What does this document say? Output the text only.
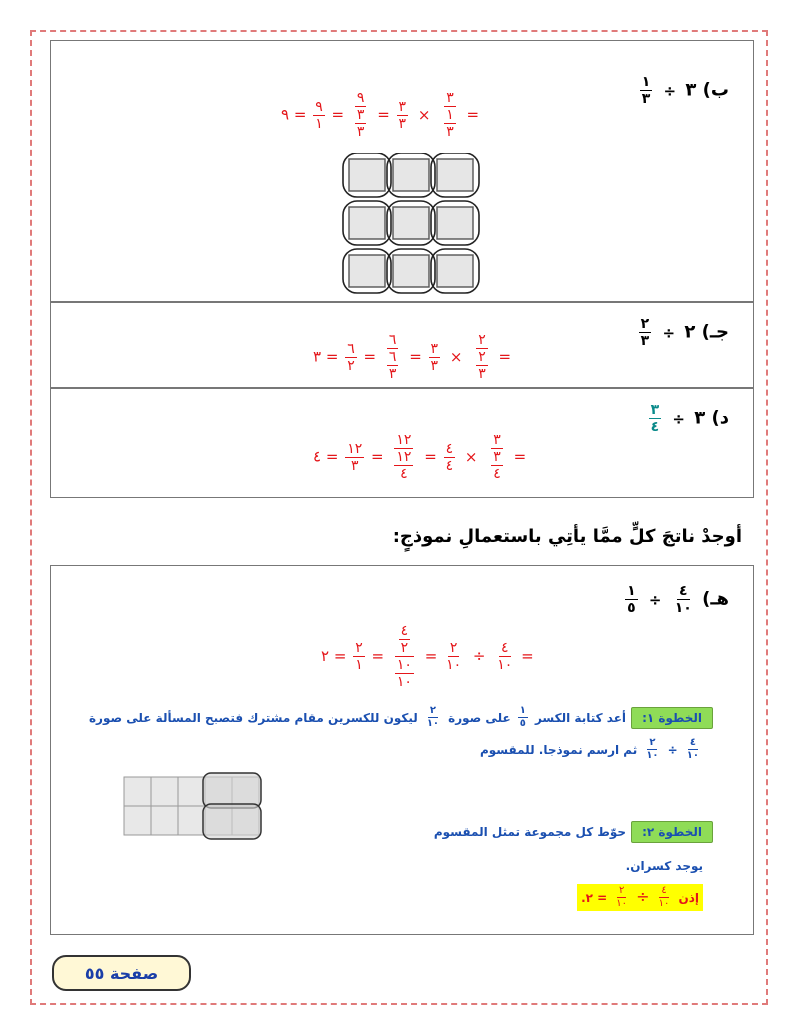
ب) ٣ ÷
$\frac{١}{٣}$
=
$\frac{٣}{\frac{١}{٣}}$
×
$\frac{٣}{٣}$
=
$\frac{٩}{\frac{٣}{٣}}$
=
$\frac{٩}{١}$
= ٩
جـ) ٢ ÷
$\frac{٢}{٣}$
=
$\frac{٢}{\frac{٢}{٣}}$
×
$\frac{٣}{٣}$
=
$\frac{٦}{\frac{٦}{٣}}$
=
$\frac{٦}{٢}$
= ٣
د) ٣ ÷
$\frac{٣}{٤}$
=
$\frac{٣}{\frac{٣}{٤}}$
×
$\frac{٤}{٤}$
=
$\frac{١٢}{\frac{١٢}{٤}}$
=
$\frac{١٢}{٣}$
= ٤
أوجدْ ناتجَ كلٍّ ممَّا يأتِي باستعمالِ نموذجٍ:
هـ)
$\frac{٤}{١٠}$
÷
$\frac{١}{٥}$
=
$\frac{٤}{١٠}$
÷
$\frac{٢}{١٠}$
=
$\frac{\frac{٤}{٢}}{\frac{١٠}{١٠}}$
=
$\frac{٢}{١}$
= ٢
الخطوة ١: أعد كتابة الكسر
$\frac{١}{٥}$
على صورة
$\frac{٢}{١٠}$
ليكون للكسرين مقام مشترك فتصبح المسألة على صورة
$\frac{٤}{١٠}$
÷
$\frac{٢}{١٠}$
ثم ارسم نموذجا. للمقسوم
الخطوة ٢: حوّط كل مجموعة تمثل المقسوم
يوجد كسران.
إذن
$\frac{٤}{١٠}$
÷
$\frac{٢}{١٠}$
= ٢.
صفحة ٥٥
